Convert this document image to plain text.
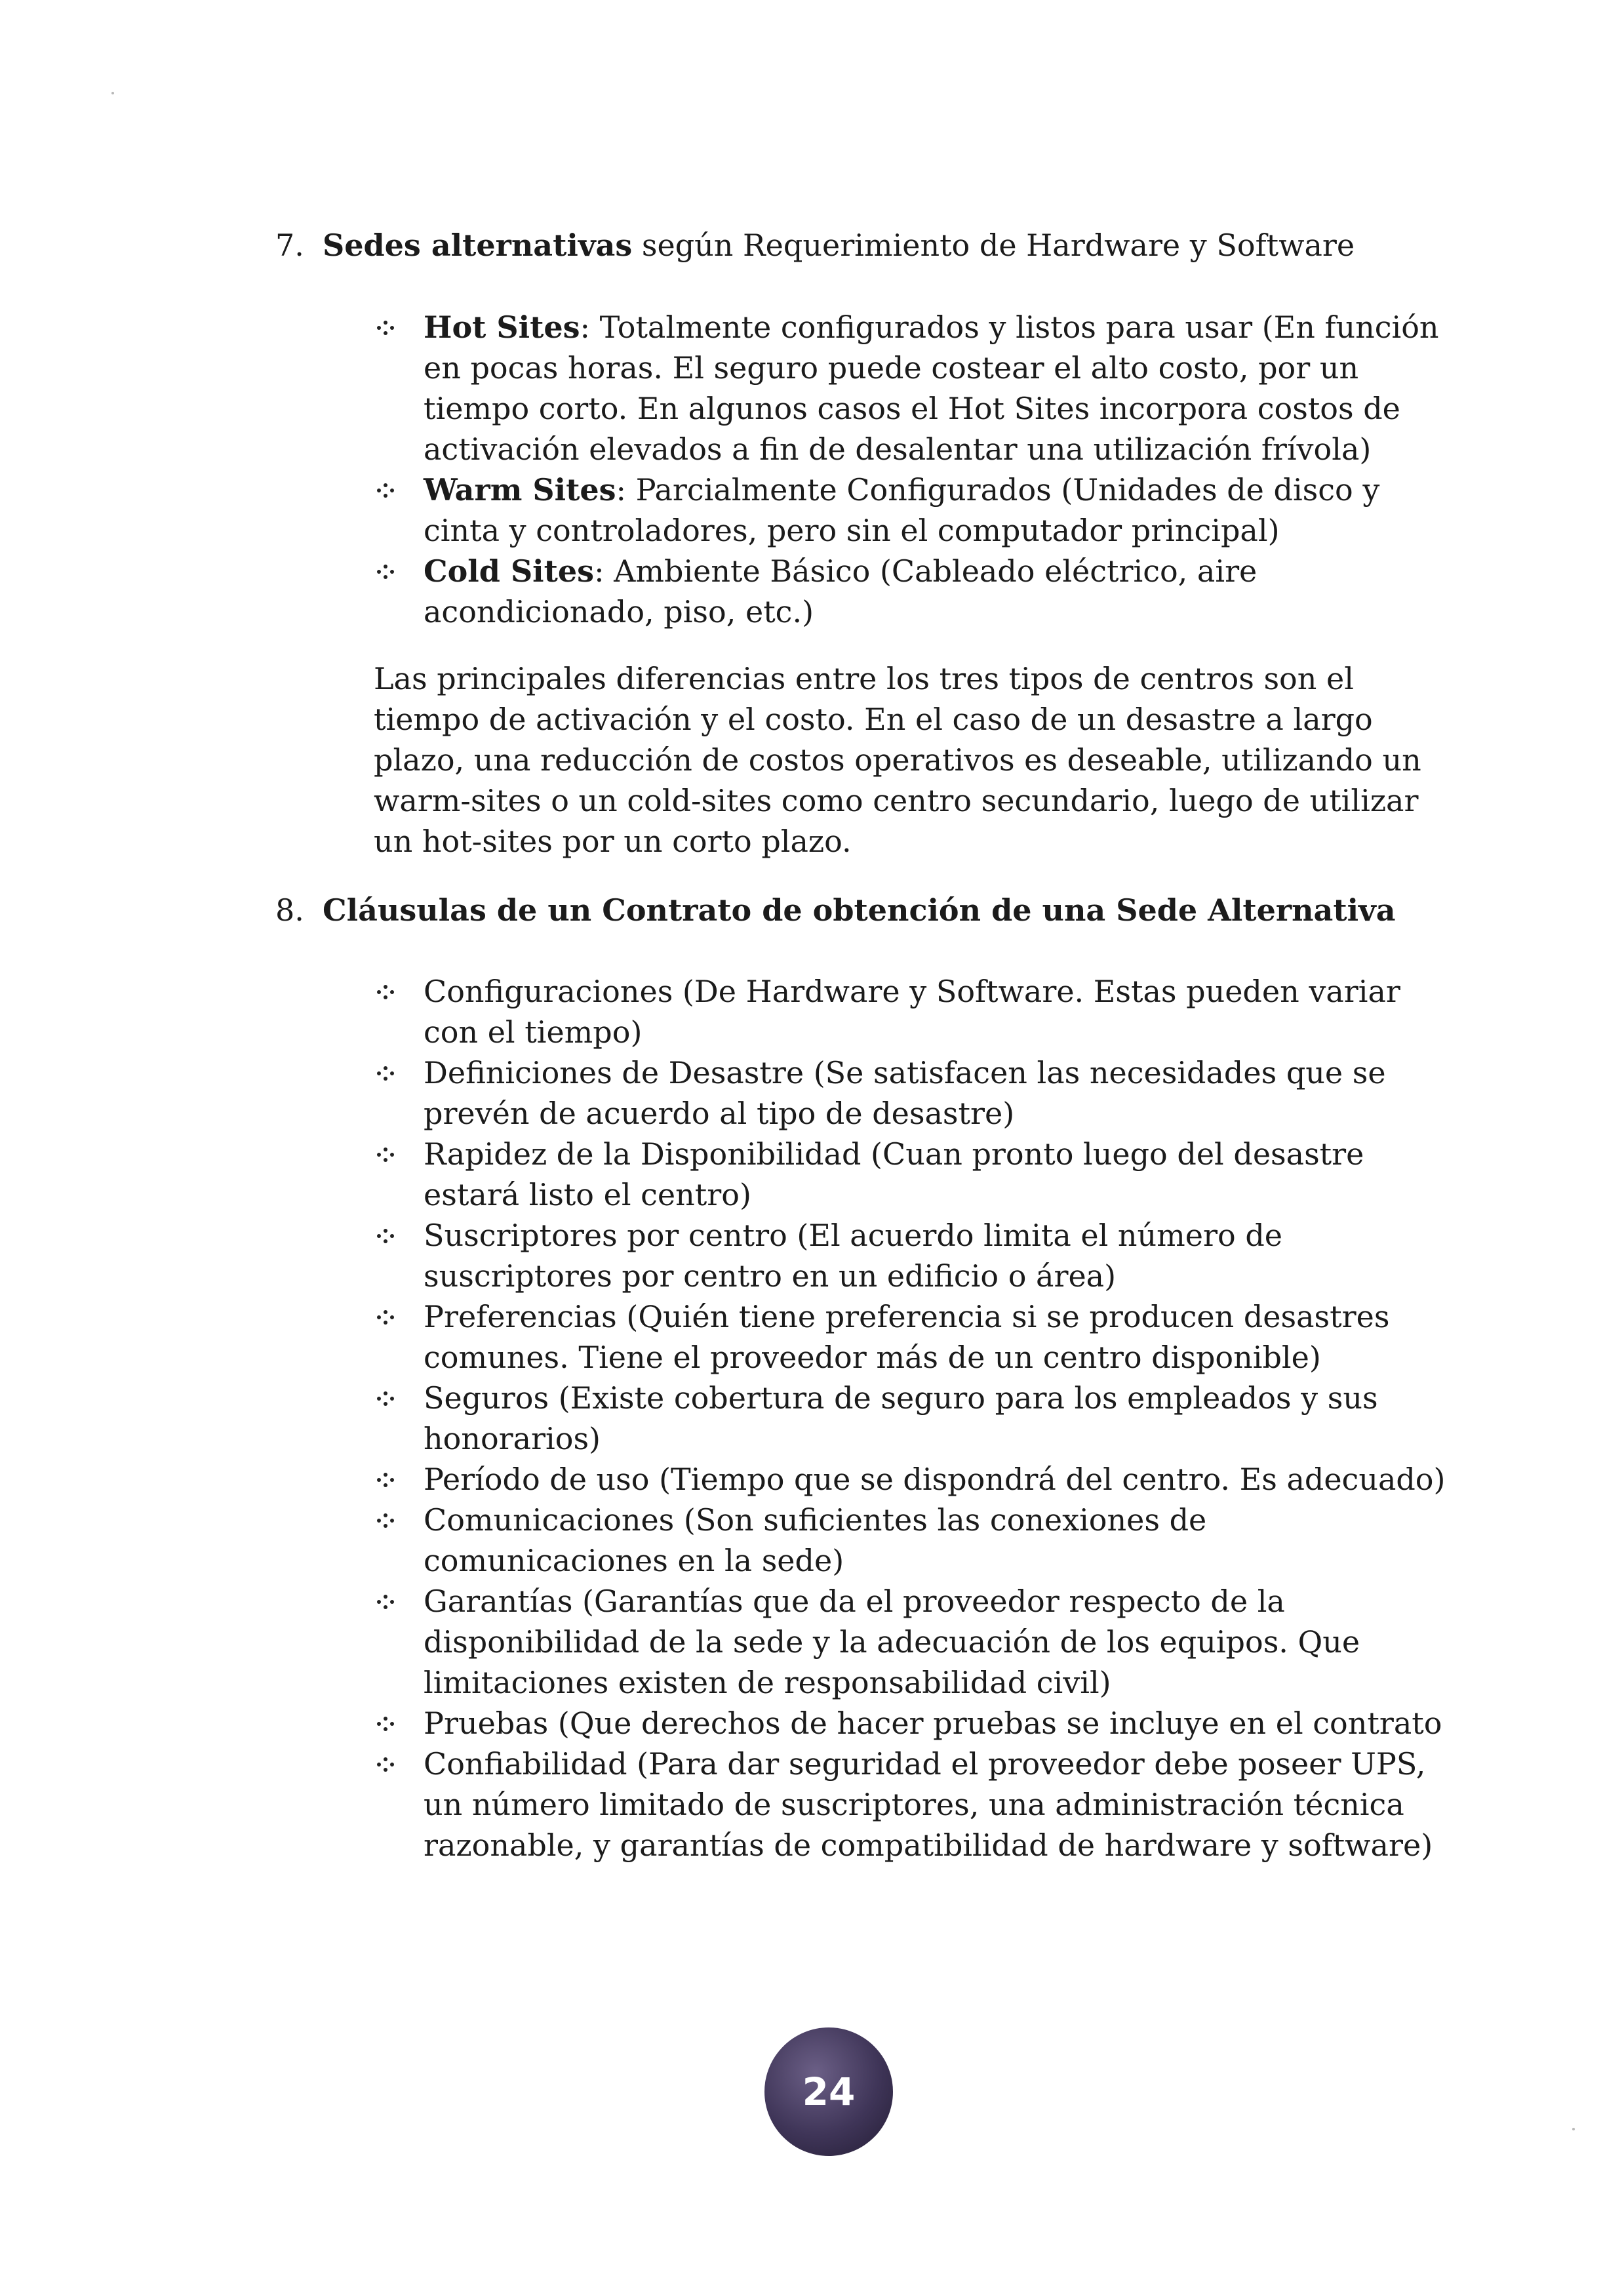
7. Sedes alternativas según Requerimiento de Hardware y Software
Hot Sites: Totalmente configurados y listos para usar (En función en pocas horas. El seguro puede costear el alto costo, por un tiempo corto. En algunos casos el Hot Sites incorpora costos de activación elevados a fin de desalentar una utilización frívola)
Warm Sites: Parcialmente Configurados (Unidades de disco y cinta y controladores, pero sin el computador principal)
Cold Sites: Ambiente Básico (Cableado eléctrico, aire acondicionado, piso, etc.)

Las principales diferencias entre los tres tipos de centros son el tiempo de activación y el costo. En el caso de un desastre a largo plazo, una reducción de costos operativos es deseable, utilizando un warm-sites o un cold-sites como centro secundario, luego de utilizar un hot-sites por un corto plazo.

8. Cláusulas de un Contrato de obtención de una Sede Alternativa
Configuraciones (De Hardware y Software. Estas pueden variar con el tiempo)
Definiciones de Desastre (Se satisfacen las necesidades que se prevén de acuerdo al tipo de desastre)
Rapidez de la Disponibilidad (Cuan pronto luego del desastre estará listo el centro)
Suscriptores por centro (El acuerdo limita el número de suscriptores por centro en un edificio o área)
Preferencias (Quién tiene preferencia si se producen desastres comunes. Tiene el proveedor más de un centro disponible)
Seguros (Existe cobertura de seguro para los empleados y sus honorarios)
Período de uso (Tiempo que se dispondrá del centro. Es adecuado)
Comunicaciones (Son suficientes las conexiones de comunicaciones en la sede)
Garantías (Garantías que da el proveedor respecto de la disponibilidad de la sede y la adecuación de los equipos. Que limitaciones existen de responsabilidad civil)
Pruebas (Que derechos de hacer pruebas se incluye en el contrato
Confiabilidad (Para dar seguridad el proveedor debe poseer UPS, un número limitado de suscriptores, una administración técnica razonable, y garantías de compatibilidad de hardware y software)
24
